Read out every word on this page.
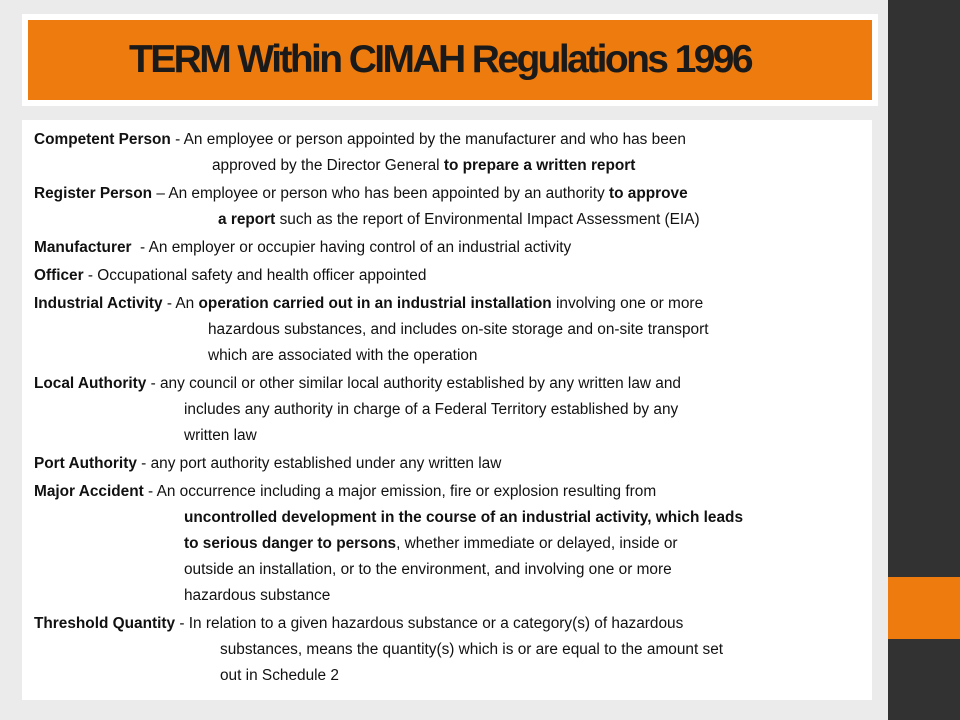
TERM Within CIMAH Regulations 1996
Competent Person - An employee or person appointed by the manufacturer and who has been
approved by the Director General to prepare a written report
Register Person – An employee or person who has been appointed by an authority to approve
a report such as the report of Environmental Impact Assessment (EIA)
Manufacturer  - An employer or occupier having control of an industrial activity
Officer - Occupational safety and health officer appointed
Industrial Activity - An operation carried out in an industrial installation involving one or more
hazardous substances, and includes on-site storage and on-site transport
which are associated with the operation
Local Authority - any council or other similar local authority established by any written law and
includes any authority in charge of a Federal Territory established by any
written law
Port Authority - any port authority established under any written law
Major Accident - An occurrence including a major emission, fire or explosion resulting from
uncontrolled development in the course of an industrial activity, which leads
to serious danger to persons, whether immediate or delayed, inside or
outside an installation, or to the environment, and involving one or more
hazardous substance
Threshold Quantity - In relation to a given hazardous substance or a category(s) of hazardous
substances, means the quantity(s) which is or are equal to the amount set
out in Schedule 2
